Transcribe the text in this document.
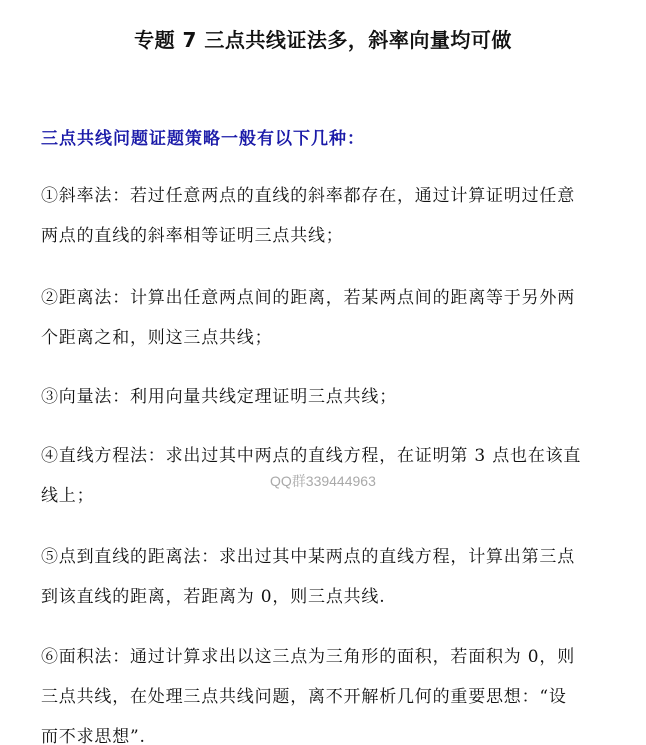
专题 7 三点共线证法多，斜率向量均可做
三点共线问题证题策略一般有以下几种：
①斜率法：若过任意两点的直线的斜率都存在，通过计算证明过任意
两点的直线的斜率相等证明三点共线；
②距离法：计算出任意两点间的距离，若某两点间的距离等于另外两
个距离之和，则这三点共线；
③向量法：利用向量共线定理证明三点共线；
④直线方程法：求出过其中两点的直线方程，在证明第 3 点也在该直
线上；
QQ群339444963
⑤点到直线的距离法：求出过其中某两点的直线方程，计算出第三点
到该直线的距离，若距离为 0，则三点共线.
⑥面积法：通过计算求出以这三点为三角形的面积，若面积为 0，则
三点共线，在处理三点共线问题，离不开解析几何的重要思想：“设
而不求思想”.
